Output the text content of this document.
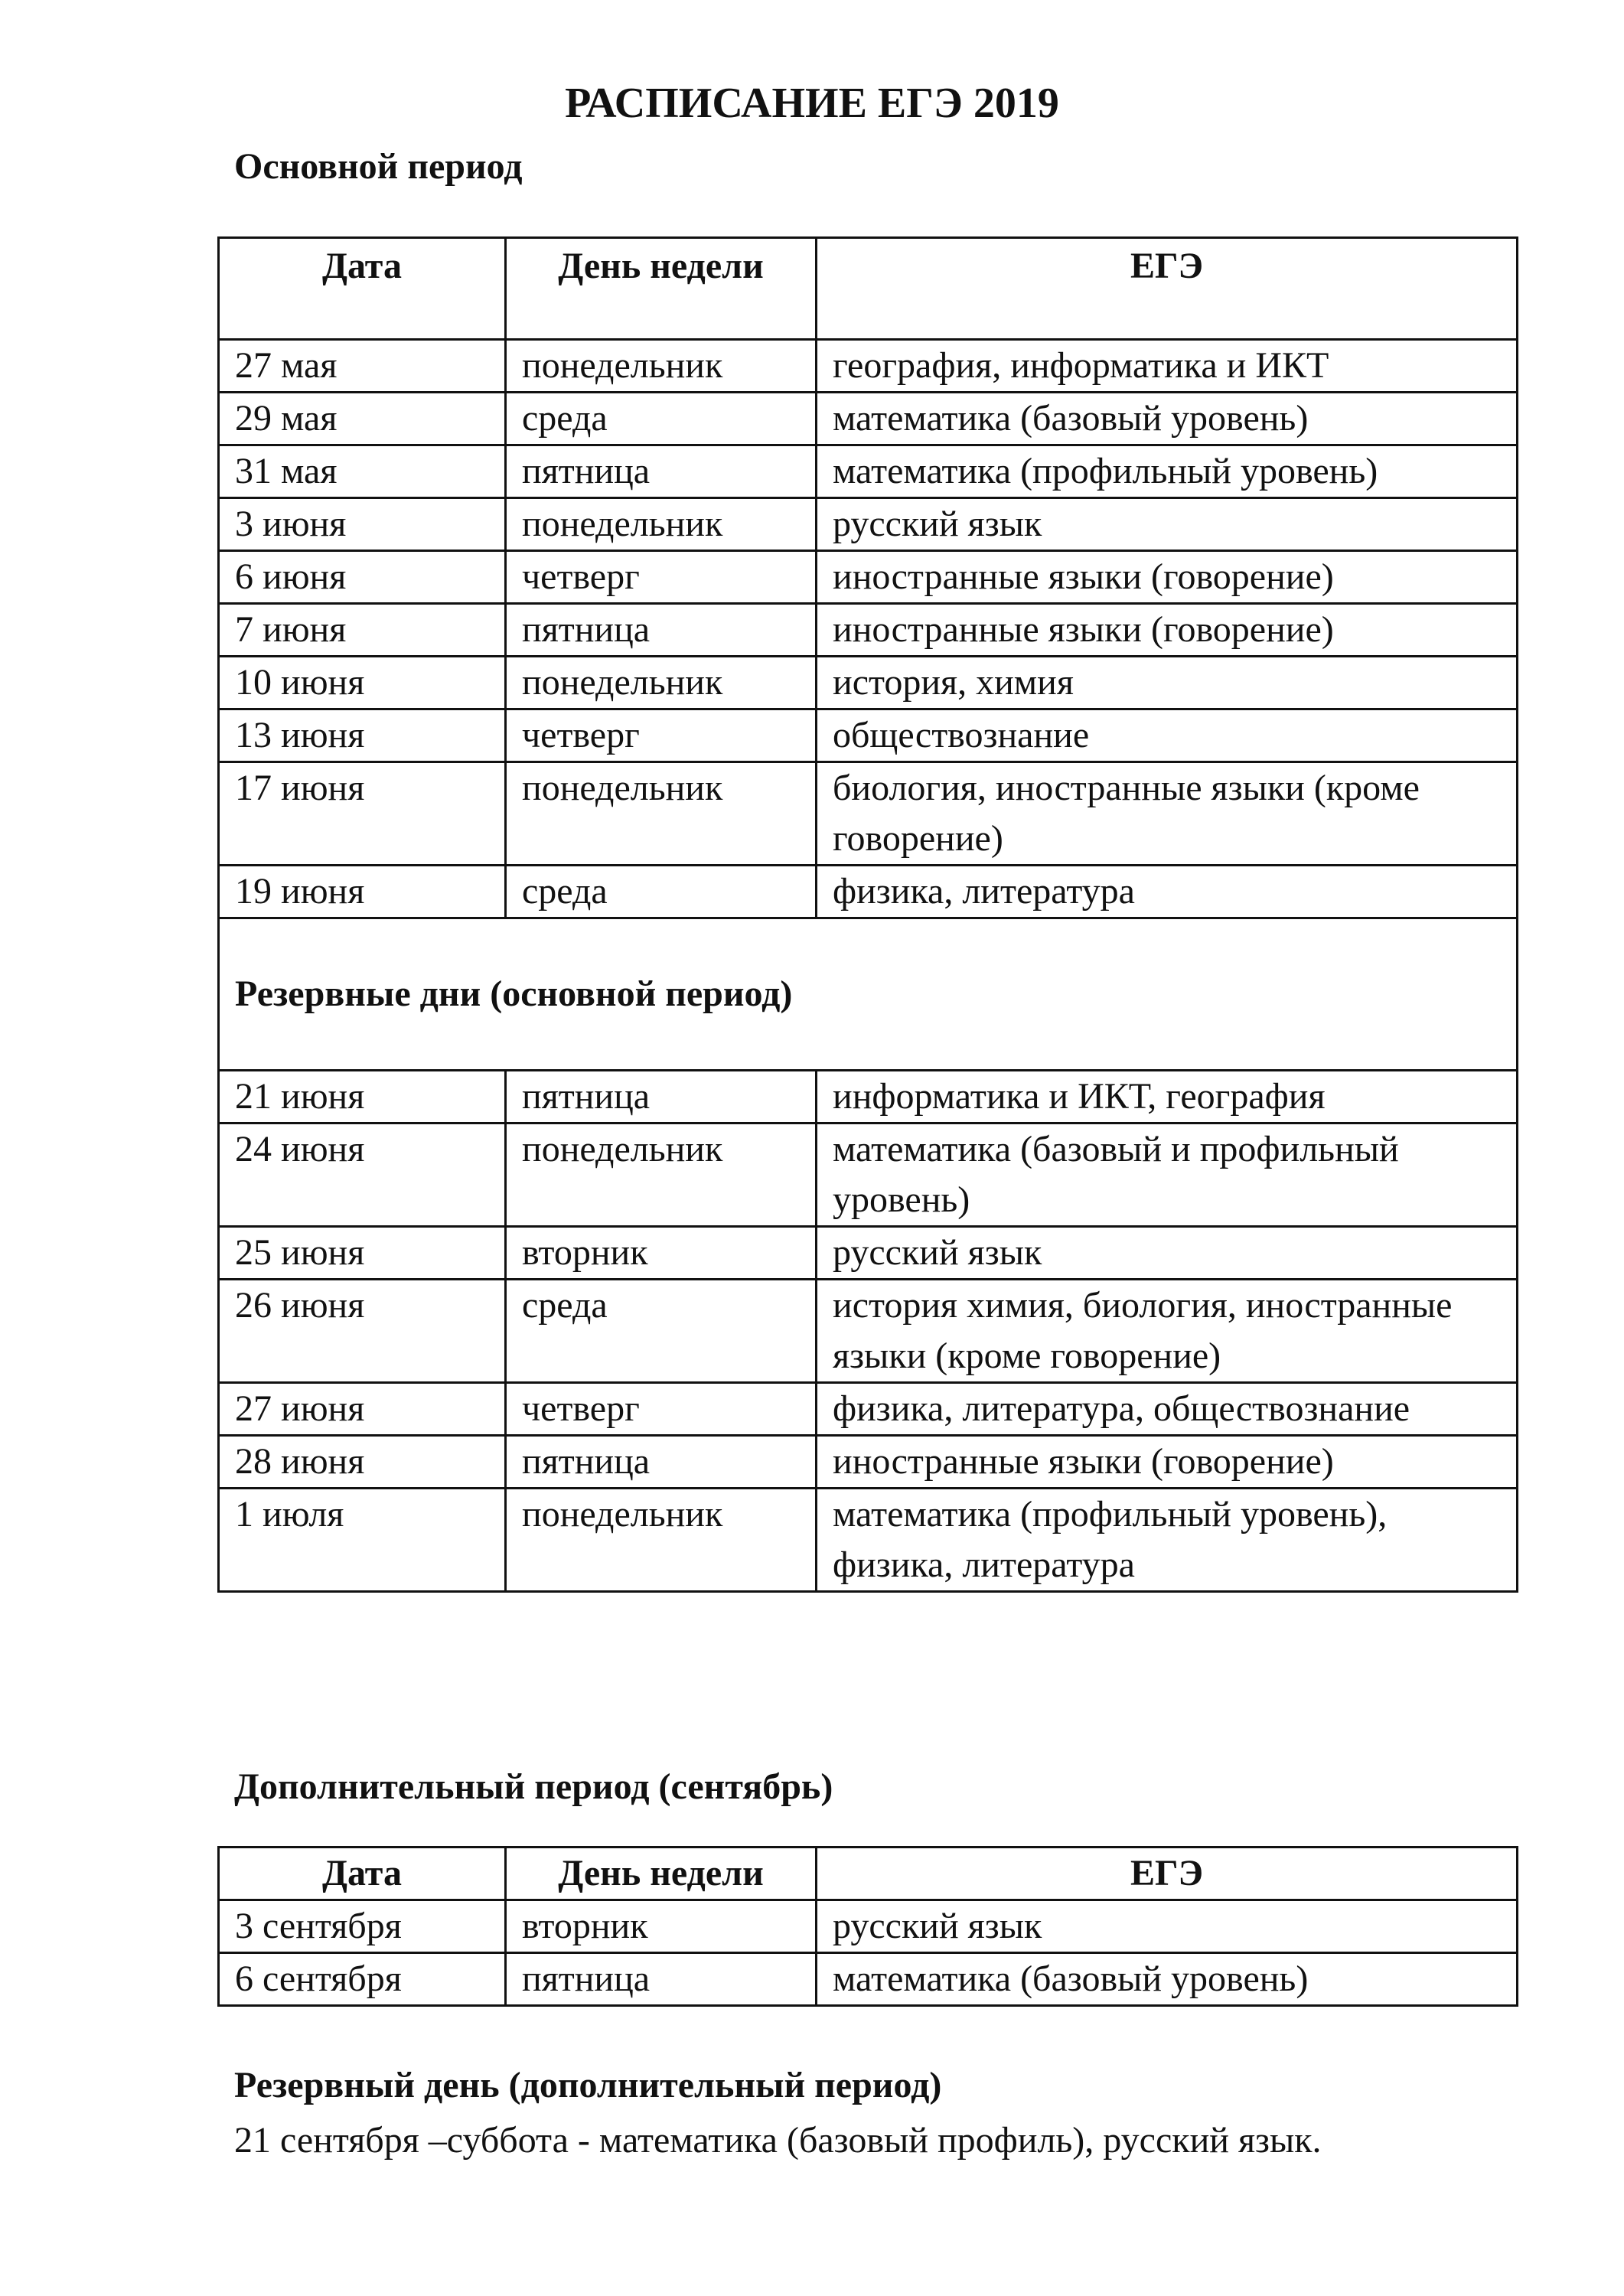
РАСПИСАНИЕ ЕГЭ 2019
Основной период
Дата	День недели	ЕГЭ
27 мая	понедельник	география, информатика и ИКТ
29 мая	среда	математика (базовый уровень)
31 мая	пятница	математика (профильный уровень)
3 июня	понедельник	русский язык
6 июня	четверг	иностранные языки (говорение)
7 июня	пятница	иностранные языки (говорение)
10 июня	понедельник	история, химия
13 июня	четверг	обществознание
17 июня	понедельник	биология, иностранные языки (кроме говорение)
19 июня	среда	физика, литература
Резервные дни (основной период)		
21 июня	пятница	информатика и ИКТ, география
24 июня	понедельник	математика (базовый и профильный уровень)
25 июня	вторник	русский язык
26 июня	среда	история химия, биология, иностранные языки (кроме говорение)
27 июня	четверг	физика, литература, обществознание
28 июня	пятница	иностранные языки (говорение)
1 июля	понедельник	математика (профильный уровень), физика, литература
Дополнительный период (сентябрь)
Дата	День недели	ЕГЭ
3 сентября	вторник	русский язык
6 сентября	пятница	математика (базовый уровень)
Резервный день (дополнительный период)

21 сентября –суббота - математика (базовый профиль), русский язык.
